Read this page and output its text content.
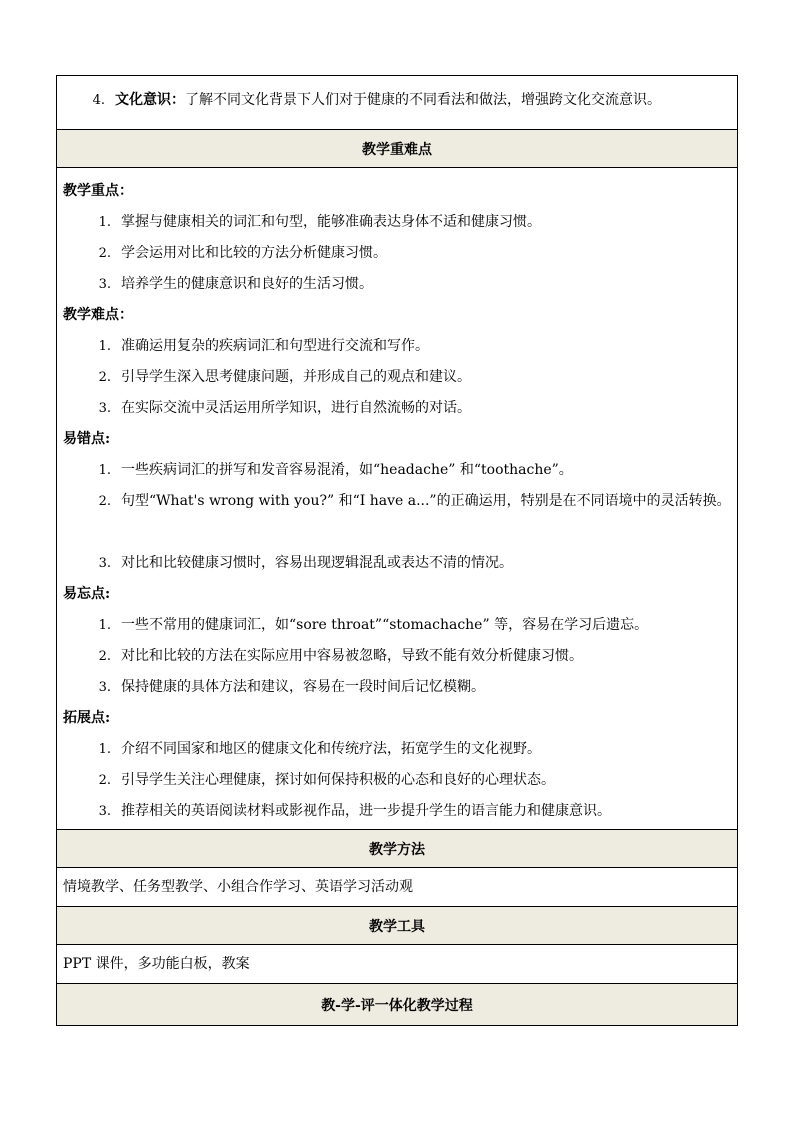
4. 文化意识：了解不同文化背景下人们对于健康的不同看法和做法，增强跨文化交流意识。
教学重难点
教学重点：
1. 掌握与健康相关的词汇和句型，能够准确表达身体不适和健康习惯。
2. 学会运用对比和比较的方法分析健康习惯。
3. 培养学生的健康意识和良好的生活习惯。
教学难点：
1. 准确运用复杂的疾病词汇和句型进行交流和写作。
2. 引导学生深入思考健康问题，并形成自己的观点和建议。
3. 在实际交流中灵活运用所学知识，进行自然流畅的对话。
易错点:
1. 一些疾病词汇的拼写和发音容易混淆，如“headache” 和“toothache”。
2. 句型“What's wrong with you?” 和“I have a...”的正确运用，特别是在不同语境中的灵活转换。
3. 对比和比较健康习惯时，容易出现逻辑混乱或表达不清的情况。
易忘点:
1. 一些不常用的健康词汇，如“sore throat”“stomachache” 等，容易在学习后遗忘。
2. 对比和比较的方法在实际应用中容易被忽略，导致不能有效分析健康习惯。
3. 保持健康的具体方法和建议，容易在一段时间后记忆模糊。
拓展点:
1. 介绍不同国家和地区的健康文化和传统疗法，拓宽学生的文化视野。
2. 引导学生关注心理健康，探讨如何保持积极的心态和良好的心理状态。
3. 推荐相关的英语阅读材料或影视作品，进一步提升学生的语言能力和健康意识。
教学方法
情境教学、任务型教学、小组合作学习、英语学习活动观
教学工具
PPT 课件，多功能白板，教案
教-学-评一体化教学过程
